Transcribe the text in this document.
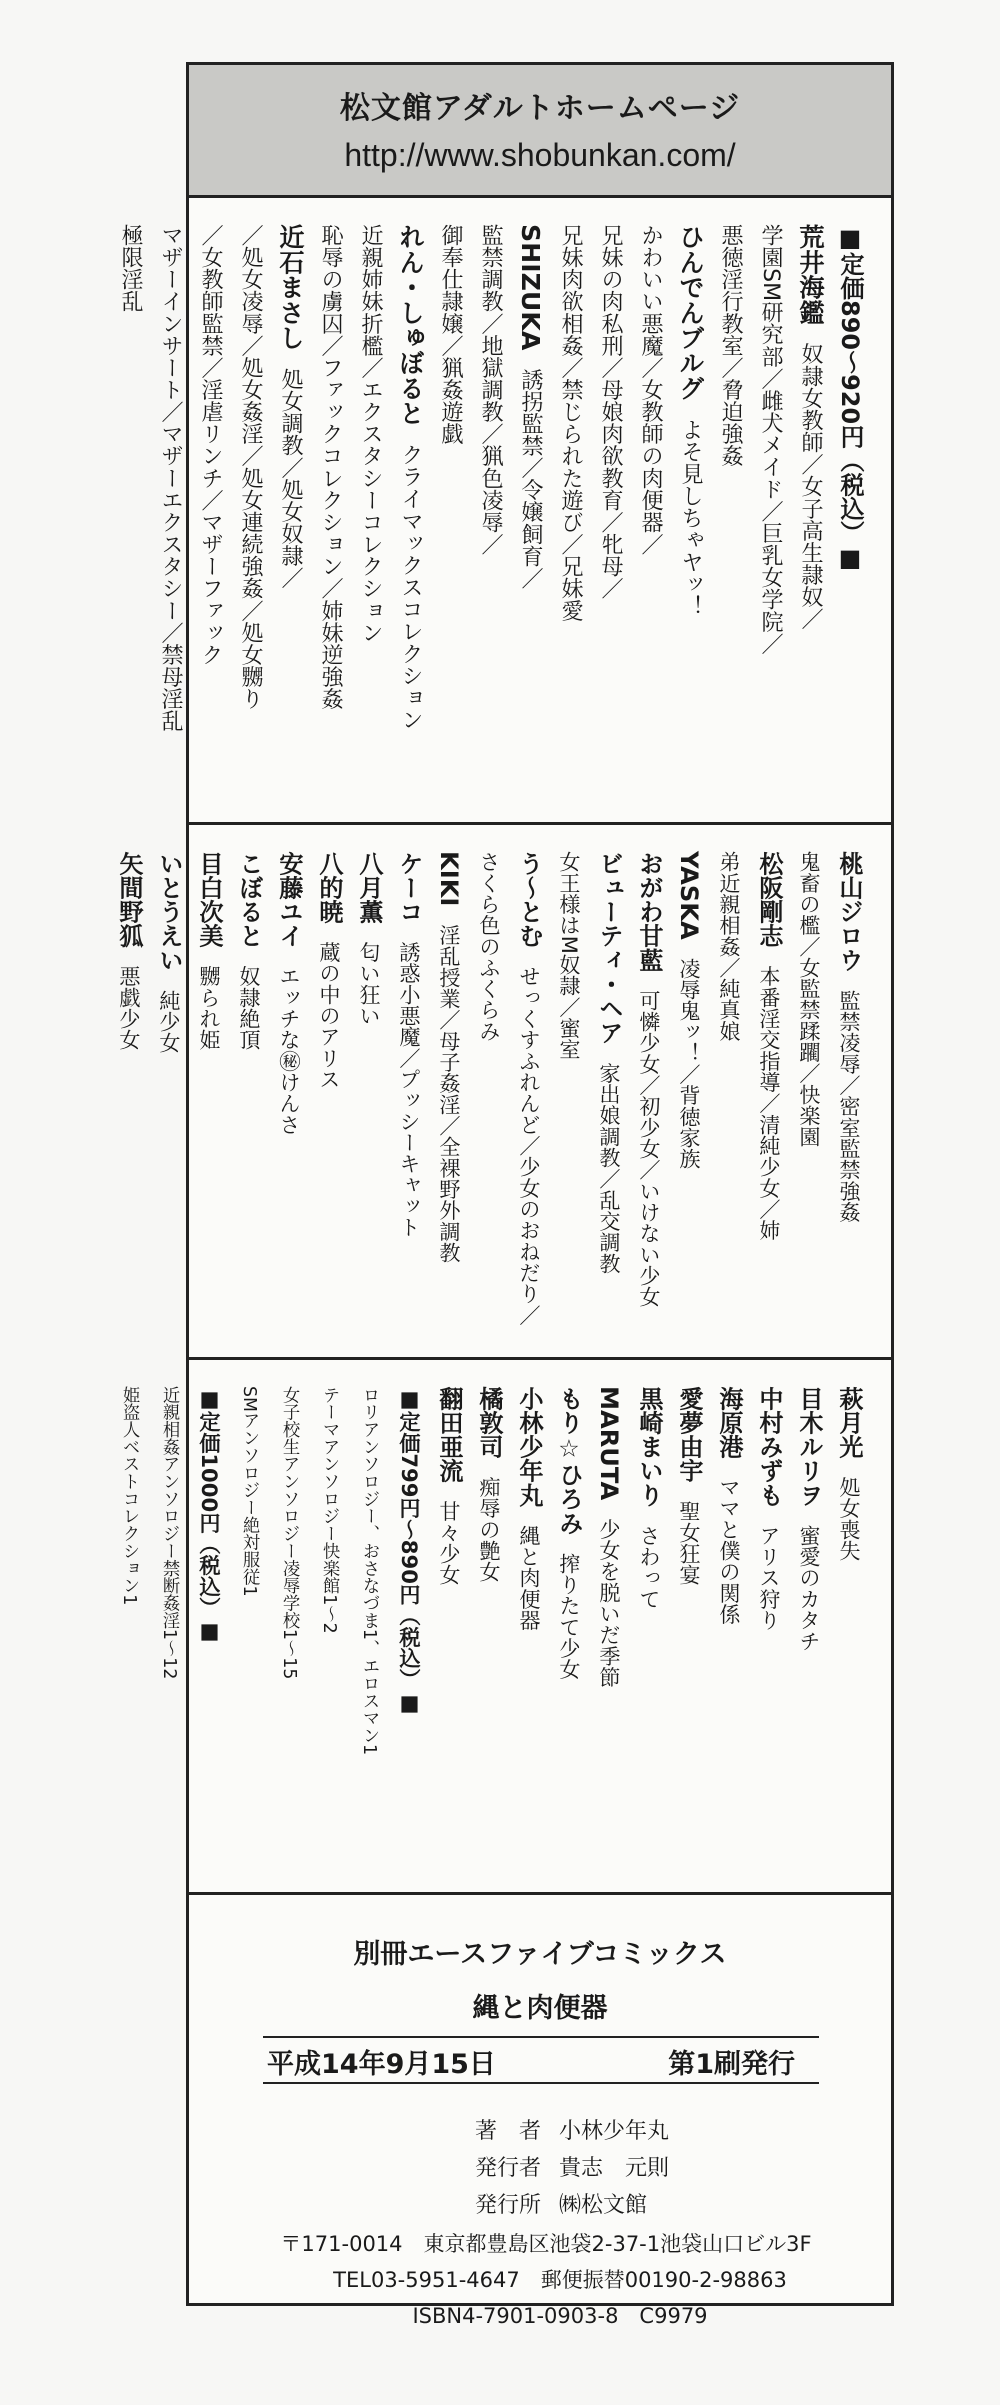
松文館アダルトホームページ
http://www.shobunkan.com/
■定価890～920円（税込）■
荒井海鑑奴隷女教師／女子高生隷奴／
学園SM研究部／雌犬メイド／巨乳女学院／
悪徳淫行教室／脅迫強姦
ひんでんブルグよそ見しちゃヤッ！
かわいい悪魔／女教師の肉便器／
兄妹の肉私刑／母娘肉欲教育／牝母／
兄妹肉欲相姦／禁じられた遊び／兄妹愛
SHIZUKA誘拐監禁／令嬢飼育／
監禁調教／地獄調教／猟色凌辱／
御奉仕隷嬢／猟姦遊戯
れん・しゅぼるとクライマックスコレクション
近親姉妹折檻／エクスタシーコレクション
恥辱の虜囚／ファックコレクション／姉妹逆強姦
近石まさし処女調教／処女奴隷／
／処女凌辱／処女姦淫／処女連続強姦／処女嬲り
／女教師監禁／淫虐リンチ／マザーファック
マザーインサート／マザーエクスタシー／禁母淫乱
極限淫乱
桃山ジロウ監禁凌辱／密室監禁強姦
鬼畜の檻／女監禁蹂躙／快楽園
松阪剛志本番淫交指導／清純少女／姉
弟近親相姦／純真娘
YASKA凌辱鬼ッ！／背徳家族
おがわ甘藍可憐少女／初少女／いけない少女
ビューティ・ヘア家出娘調教／乱交調教
女王様はM奴隷／蜜室
う～とむせっくすふれんど／少女のおねだり／
さくら色のふくらみ
KIKI淫乱授業／母子姦淫／全裸野外調教
ケーコ誘惑小悪魔／プッシーキャット
八月薫匂い狂い
八的暁蔵の中のアリス
安藤ユイエッチな㊙けんさ
こぼると奴隷絶頂
目白次美嬲られ姫
いとうえい純少女
矢間野狐悪戯少女
萩月光処女喪失
目木ルリヲ蜜愛のカタチ
中村みずもアリス狩り
海原港ママと僕の関係
愛夢由宇聖女狂宴
黒崎まいりさわって
MARUTA少女を脱いだ季節
もり☆ひろみ搾りたて少女
小林少年丸縄と肉便器
橘敦司痴辱の艶女
翻田亜流甘々少女
■定価799円～890円（税込）■
ロリアンソロジー、おさなづま1、エロスマン1
テーマアンソロジー快楽館1～2
女子校生アンソロジー凌辱学校1～15
SMアンソロジー絶対服従1
■定価1000円（税込）■
近親相姦アンソロジー禁断姦淫1～12
姫盗人ベストコレクション1
別冊エースファイブコミックス
縄と肉便器
平成14年9月15日	第1刷発行
著　者 小林少年丸
発行者 貴志　元則
発行所 ㈱松文館
〒171-0014　東京都豊島区池袋2-37-1池袋山口ビル3F
TEL03-5951-4647　郵便振替00190-2-98863
ISBN4-7901-0903-8　C9979
